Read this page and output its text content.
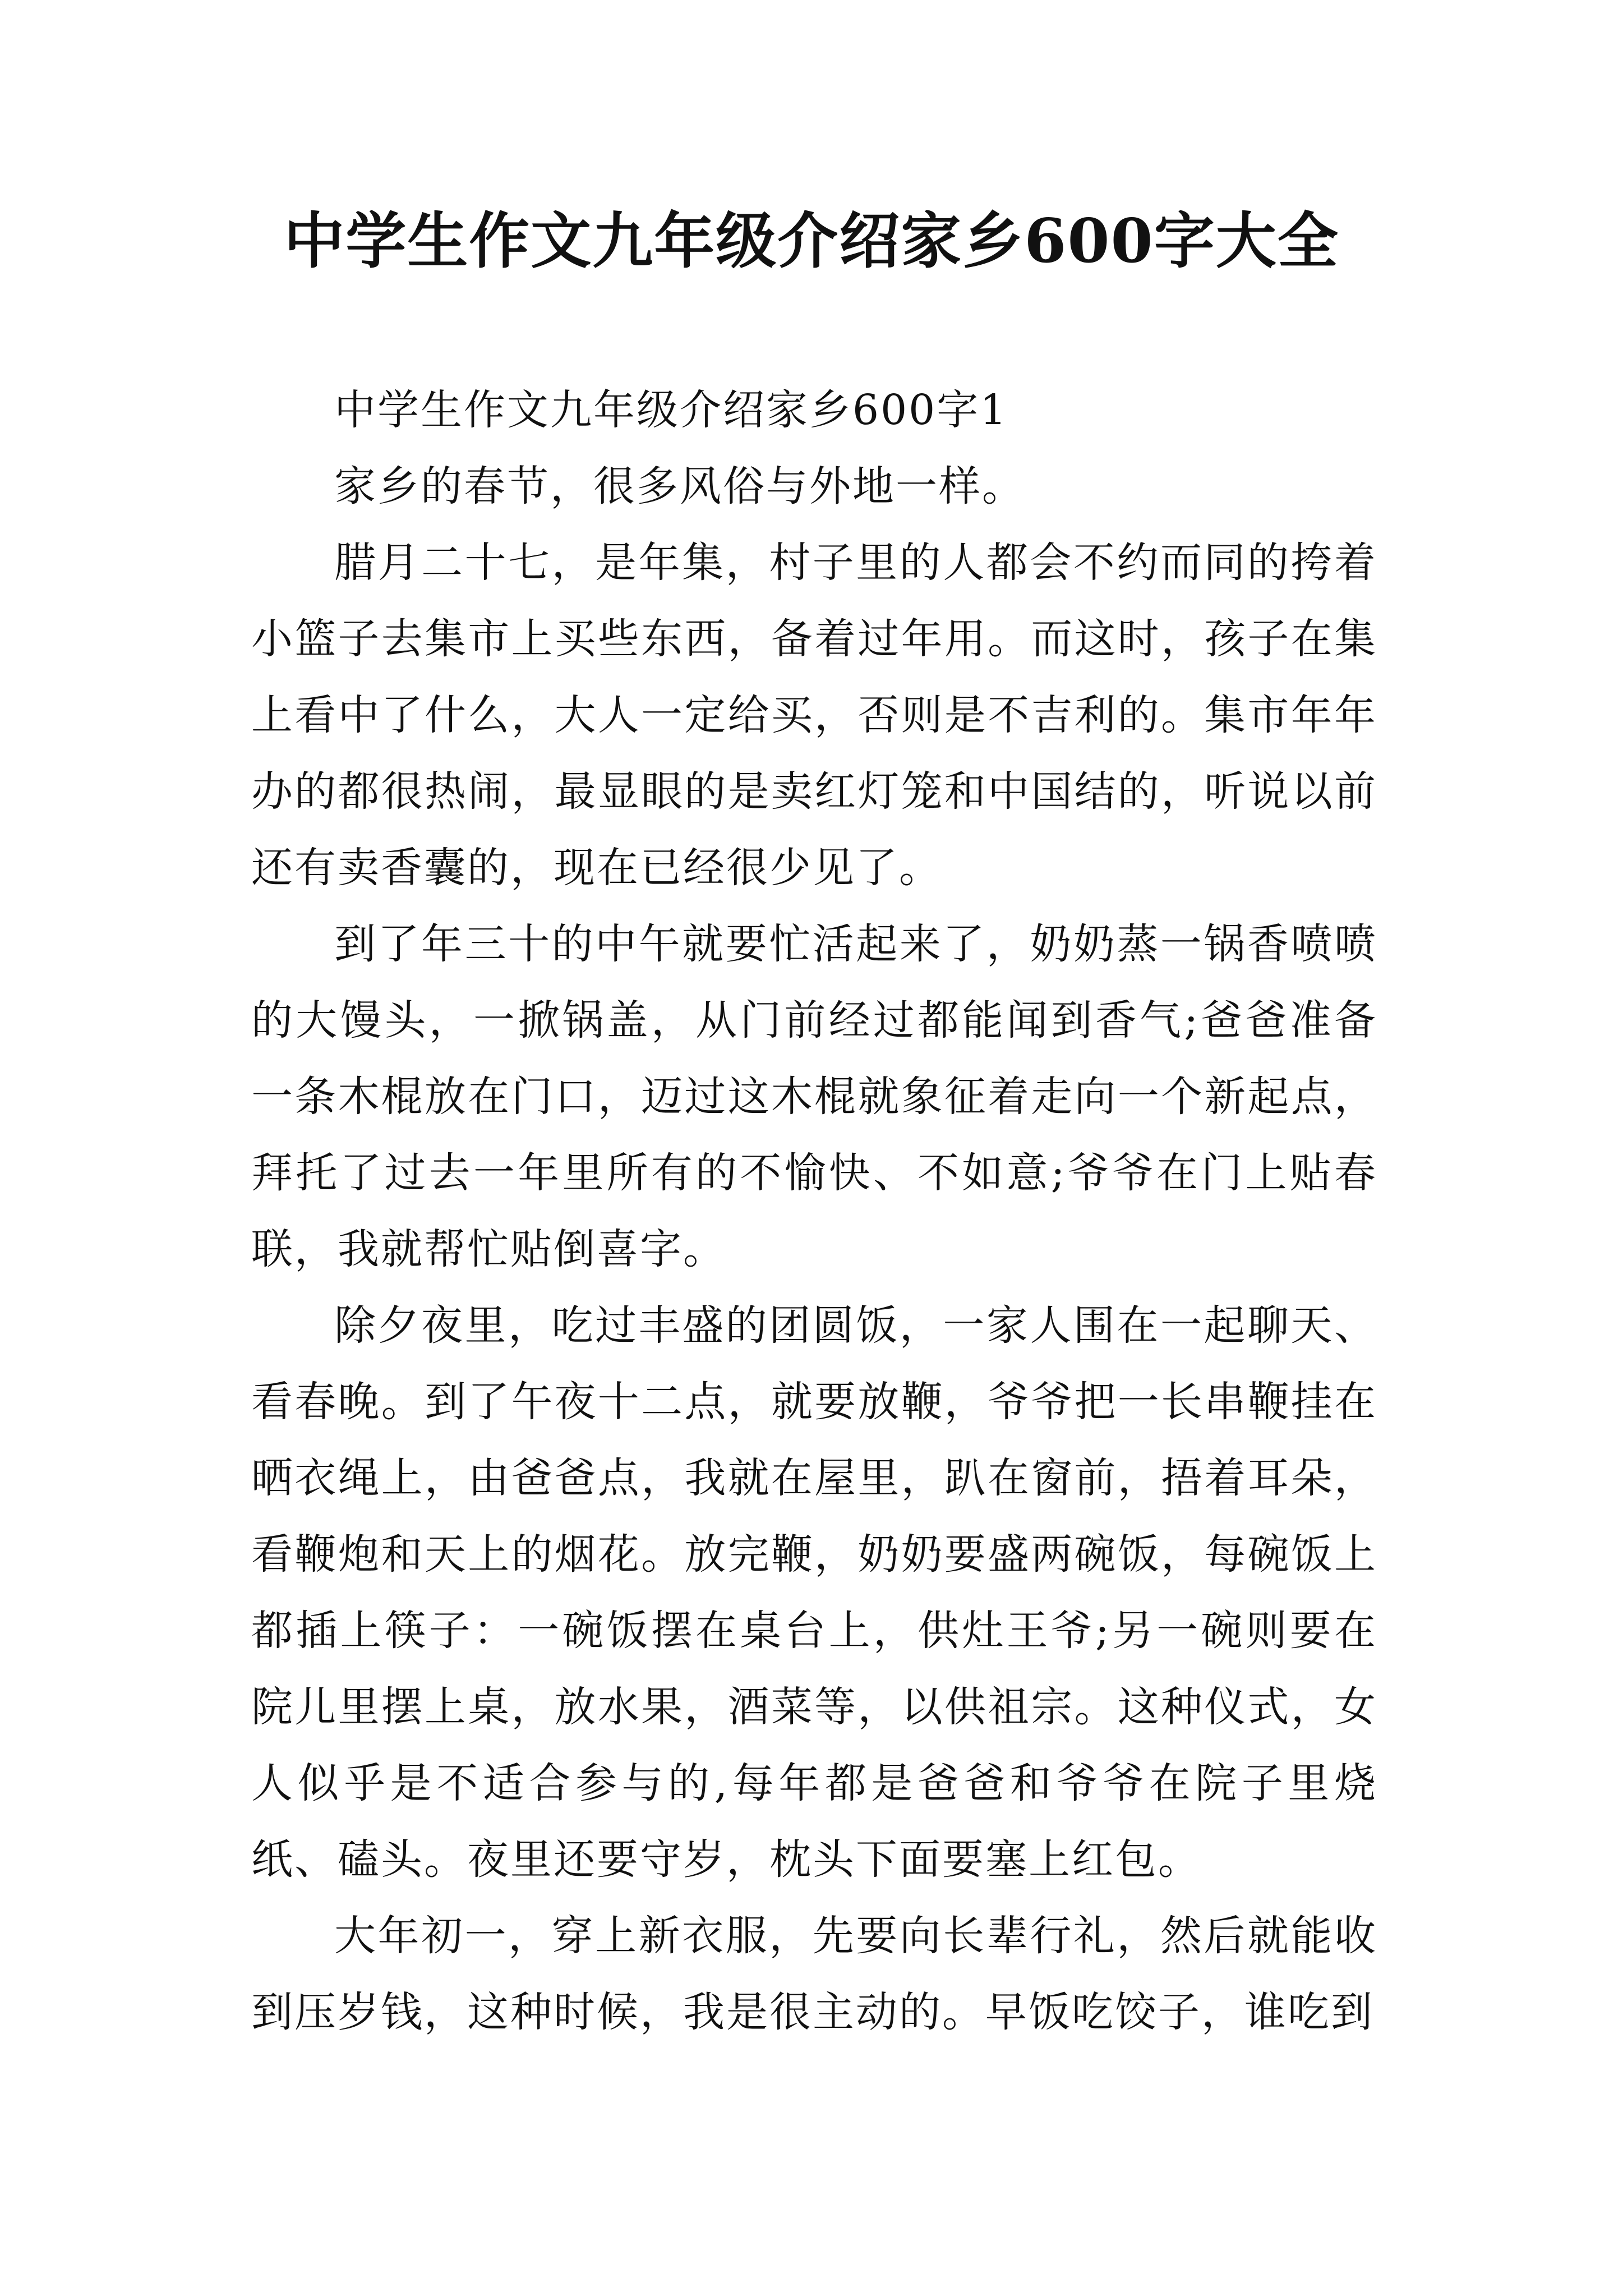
中学生作文九年级介绍家乡600字大全

中学生作文九年级介绍家乡600字1

家乡的春节，很多风俗与外地一样。

腊月二十七，是年集，村子里的人都会不约而同的挎着小篮子去集市上买些东西，备着过年用。而这时，孩子在集上看中了什么，大人一定给买，否则是不吉利的。集市年年办的都很热闹，最显眼的是卖红灯笼和中国结的，听说以前还有卖香囊的，现在已经很少见了。

到了年三十的中午就要忙活起来了，奶奶蒸一锅香喷喷的大馒头，一掀锅盖，从门前经过都能闻到香气;爸爸准备一条木棍放在门口，迈过这木棍就象征着走向一个新起点，拜托了过去一年里所有的不愉快、不如意;爷爷在门上贴春联，我就帮忙贴倒喜字。

除夕夜里，吃过丰盛的团圆饭，一家人围在一起聊天、看春晚。到了午夜十二点，就要放鞭，爷爷把一长串鞭挂在晒衣绳上，由爸爸点，我就在屋里，趴在窗前，捂着耳朵，看鞭炮和天上的烟花。放完鞭，奶奶要盛两碗饭，每碗饭上都插上筷子：一碗饭摆在桌台上，供灶王爷;另一碗则要在院儿里摆上桌，放水果，酒菜等，以供祖宗。这种仪式，女人似乎是不适合参与的,每年都是爸爸和爷爷在院子里烧纸、磕头。夜里还要守岁，枕头下面要塞上红包。

大年初一，穿上新衣服，先要向长辈行礼，然后就能收到压岁钱，这种时候，我是很主动的。早饭吃饺子，谁吃到
